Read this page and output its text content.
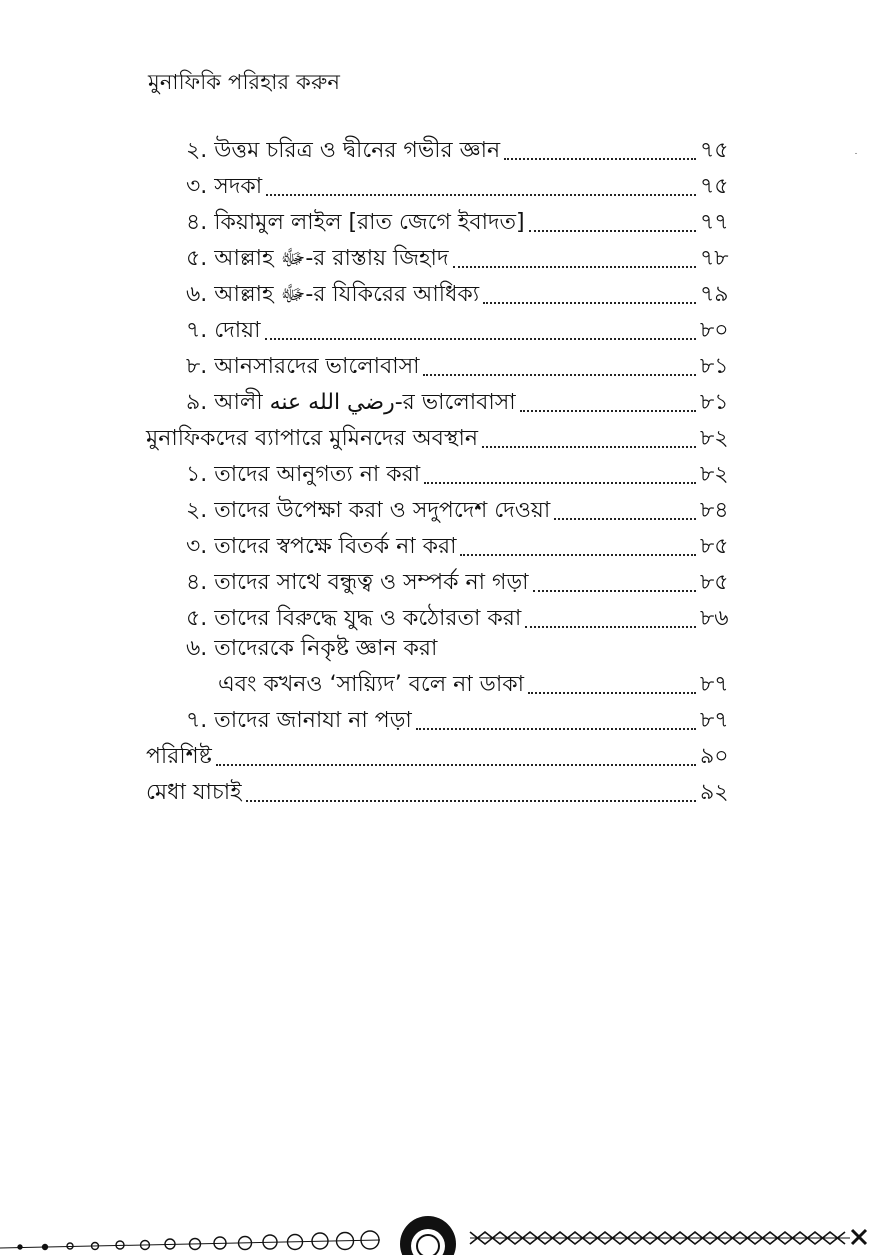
মুনাফিকি পরিহার করুন
২. উত্তম চরিত্র ও দ্বীনের গভীর জ্ঞান	৭৫
৩. সদকা	৭৫
৪. কিয়ামুল লাইল [রাত জেগে ইবাদত]	৭৭
৫. আল্লাহ ﷻ-র রাস্তায় জিহাদ	৭৮
৬. আল্লাহ ﷻ-র যিকিরের আধিক্য	৭৯
৭. দোয়া	৮০
৮. আনসারদের ভালোবাসা	৮১
৯. আলী رضي الله عنه-র ভালোবাসা	৮১
মুনাফিকদের ব্যাপারে মুমিনদের অবস্থান	৮২
১. তাদের আনুগত্য না করা	৮২
২. তাদের উপেক্ষা করা ও সদুপদেশ দেওয়া	৮৪
৩. তাদের স্বপক্ষে বিতর্ক না করা	৮৫
৪. তাদের সাথে বন্ধুত্ব ও সম্পর্ক না গড়া	৮৫
৫. তাদের বিরুদ্ধে যুদ্ধ ও কঠোরতা করা	৮৬
৬. তাদেরকে নিকৃষ্ট জ্ঞান করা
এবং কখনও ‘সায়্যিদ’ বলে না ডাকা	৮৭
৭. তাদের জানাযা না পড়া	৮৭
পরিশিষ্ট	৯০
মেধা যাচাই	৯২
